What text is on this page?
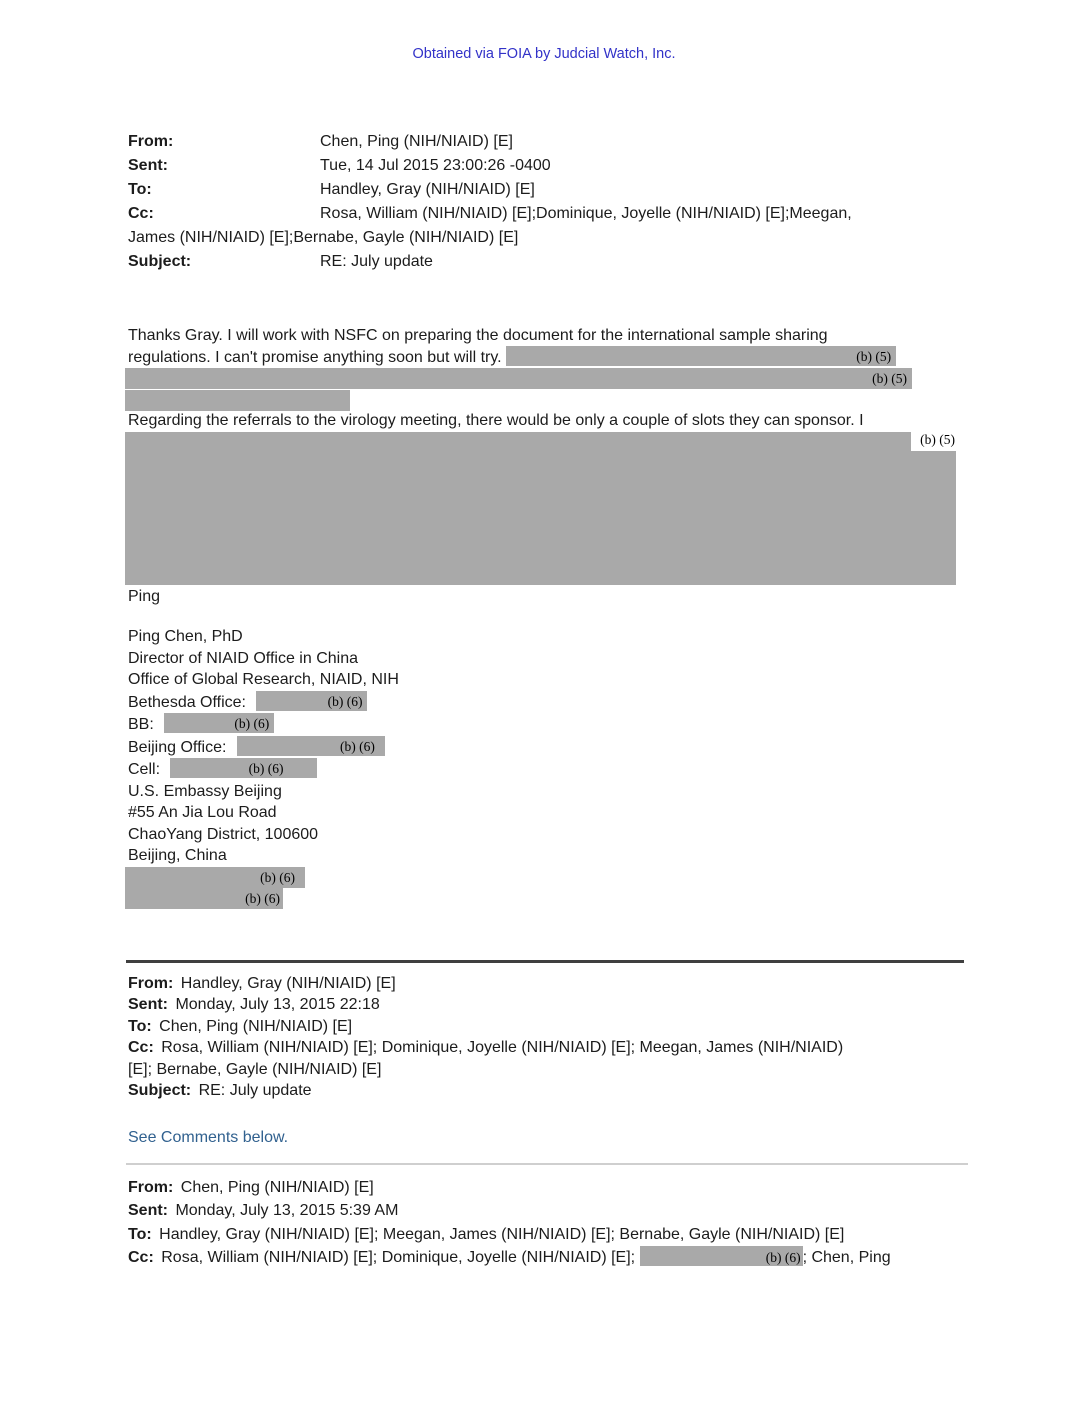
Obtained via FOIA by Judcial Watch, Inc.
From:	Chen, Ping (NIH/NIAID) [E]
Sent:	Tue, 14 Jul 2015 23:00:26 -0400
To:	Handley, Gray (NIH/NIAID) [E]
Cc:	Rosa, William (NIH/NIAID) [E];Dominique, Joyelle (NIH/NIAID) [E];Meegan,
James (NIH/NIAID) [E];Bernabe, Gayle (NIH/NIAID) [E]
Subject:	RE: July update
Thanks Gray. I will work with NSFC on preparing the document for the international sample sharing
regulations. I can't promise anything soon but will try.	(b) (5)
(b) (5)
Regarding the referrals to the virology meeting, there would be only a couple of slots they can sponsor. I
(b) (5)
Ping
Ping Chen, PhD
Director of NIAID Office in China
Office of Global Research, NIAID, NIH
Bethesda Office:	(b) (6)
BB:	(b) (6)
Beijing Office:	(b) (6)
Cell:	(b) (6)
U.S. Embassy Beijing
#55 An Jia Lou Road
ChaoYang District, 100600
Beijing, China
(b) (6)
(b) (6)
From: Handley, Gray (NIH/NIAID) [E]
Sent: Monday, July 13, 2015 22:18
To: Chen, Ping (NIH/NIAID) [E]
Cc: Rosa, William (NIH/NIAID) [E]; Dominique, Joyelle (NIH/NIAID) [E]; Meegan, James (NIH/NIAID)
[E]; Bernabe, Gayle (NIH/NIAID) [E]
Subject: RE: July update
See Comments below.
From: Chen, Ping (NIH/NIAID) [E]
Sent: Monday, July 13, 2015 5:39 AM
To: Handley, Gray (NIH/NIAID) [E]; Meegan, James (NIH/NIAID) [E]; Bernabe, Gayle (NIH/NIAID) [E]
Cc: Rosa, William (NIH/NIAID) [E]; Dominique, Joyelle (NIH/NIAID) [E];	(b) (6) ; Chen, Ping
